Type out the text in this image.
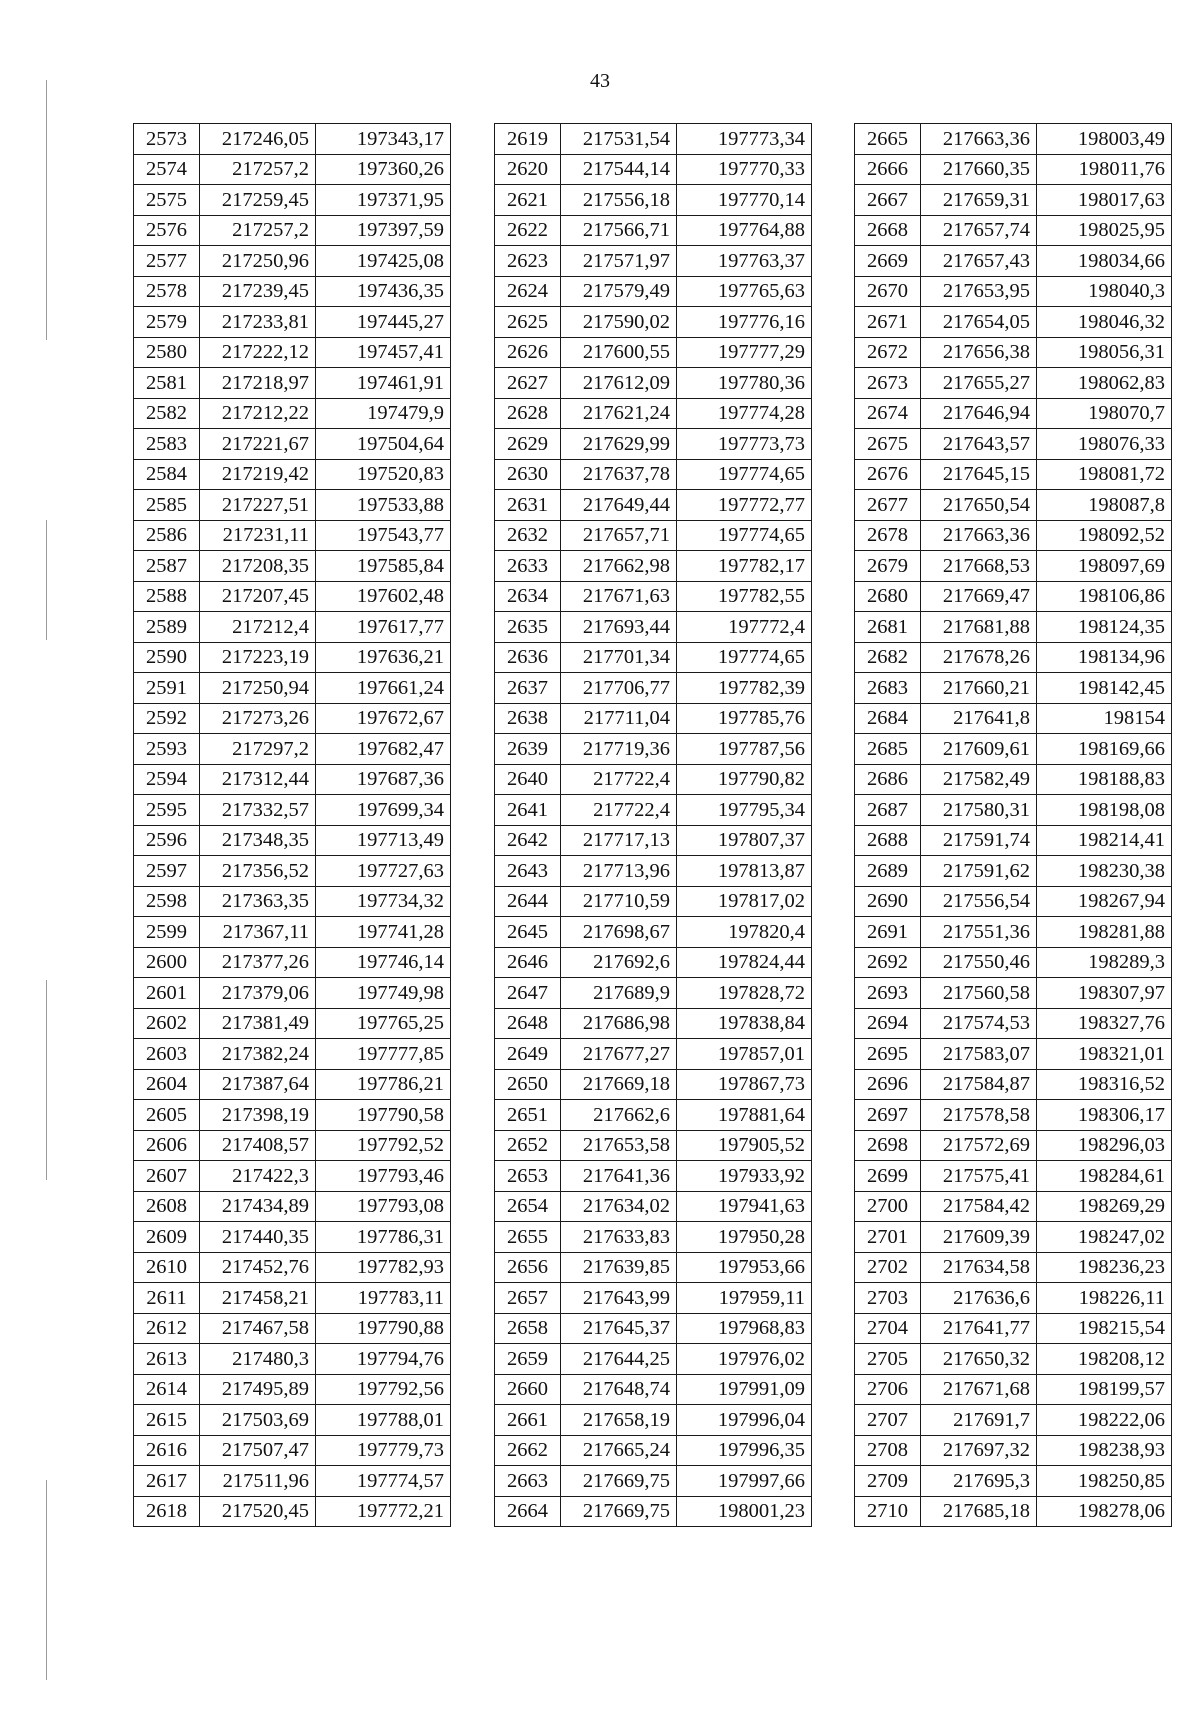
43
2573	217246,05	197343,17
2574	217257,2	197360,26
2575	217259,45	197371,95
2576	217257,2	197397,59
2577	217250,96	197425,08
2578	217239,45	197436,35
2579	217233,81	197445,27
2580	217222,12	197457,41
2581	217218,97	197461,91
2582	217212,22	197479,9
2583	217221,67	197504,64
2584	217219,42	197520,83
2585	217227,51	197533,88
2586	217231,11	197543,77
2587	217208,35	197585,84
2588	217207,45	197602,48
2589	217212,4	197617,77
2590	217223,19	197636,21
2591	217250,94	197661,24
2592	217273,26	197672,67
2593	217297,2	197682,47
2594	217312,44	197687,36
2595	217332,57	197699,34
2596	217348,35	197713,49
2597	217356,52	197727,63
2598	217363,35	197734,32
2599	217367,11	197741,28
2600	217377,26	197746,14
2601	217379,06	197749,98
2602	217381,49	197765,25
2603	217382,24	197777,85
2604	217387,64	197786,21
2605	217398,19	197790,58
2606	217408,57	197792,52
2607	217422,3	197793,46
2608	217434,89	197793,08
2609	217440,35	197786,31
2610	217452,76	197782,93
2611	217458,21	197783,11
2612	217467,58	197790,88
2613	217480,3	197794,76
2614	217495,89	197792,56
2615	217503,69	197788,01
2616	217507,47	197779,73
2617	217511,96	197774,57
2618	217520,45	197772,21
2619	217531,54	197773,34
2620	217544,14	197770,33
2621	217556,18	197770,14
2622	217566,71	197764,88
2623	217571,97	197763,37
2624	217579,49	197765,63
2625	217590,02	197776,16
2626	217600,55	197777,29
2627	217612,09	197780,36
2628	217621,24	197774,28
2629	217629,99	197773,73
2630	217637,78	197774,65
2631	217649,44	197772,77
2632	217657,71	197774,65
2633	217662,98	197782,17
2634	217671,63	197782,55
2635	217693,44	197772,4
2636	217701,34	197774,65
2637	217706,77	197782,39
2638	217711,04	197785,76
2639	217719,36	197787,56
2640	217722,4	197790,82
2641	217722,4	197795,34
2642	217717,13	197807,37
2643	217713,96	197813,87
2644	217710,59	197817,02
2645	217698,67	197820,4
2646	217692,6	197824,44
2647	217689,9	197828,72
2648	217686,98	197838,84
2649	217677,27	197857,01
2650	217669,18	197867,73
2651	217662,6	197881,64
2652	217653,58	197905,52
2653	217641,36	197933,92
2654	217634,02	197941,63
2655	217633,83	197950,28
2656	217639,85	197953,66
2657	217643,99	197959,11
2658	217645,37	197968,83
2659	217644,25	197976,02
2660	217648,74	197991,09
2661	217658,19	197996,04
2662	217665,24	197996,35
2663	217669,75	197997,66
2664	217669,75	198001,23
2665	217663,36	198003,49
2666	217660,35	198011,76
2667	217659,31	198017,63
2668	217657,74	198025,95
2669	217657,43	198034,66
2670	217653,95	198040,3
2671	217654,05	198046,32
2672	217656,38	198056,31
2673	217655,27	198062,83
2674	217646,94	198070,7
2675	217643,57	198076,33
2676	217645,15	198081,72
2677	217650,54	198087,8
2678	217663,36	198092,52
2679	217668,53	198097,69
2680	217669,47	198106,86
2681	217681,88	198124,35
2682	217678,26	198134,96
2683	217660,21	198142,45
2684	217641,8	198154
2685	217609,61	198169,66
2686	217582,49	198188,83
2687	217580,31	198198,08
2688	217591,74	198214,41
2689	217591,62	198230,38
2690	217556,54	198267,94
2691	217551,36	198281,88
2692	217550,46	198289,3
2693	217560,58	198307,97
2694	217574,53	198327,76
2695	217583,07	198321,01
2696	217584,87	198316,52
2697	217578,58	198306,17
2698	217572,69	198296,03
2699	217575,41	198284,61
2700	217584,42	198269,29
2701	217609,39	198247,02
2702	217634,58	198236,23
2703	217636,6	198226,11
2704	217641,77	198215,54
2705	217650,32	198208,12
2706	217671,68	198199,57
2707	217691,7	198222,06
2708	217697,32	198238,93
2709	217695,3	198250,85
2710	217685,18	198278,06
